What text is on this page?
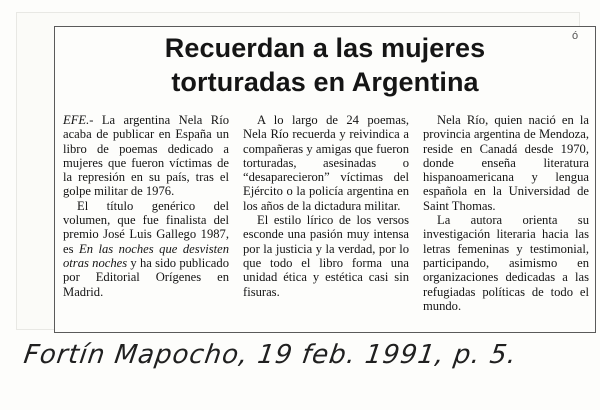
Recuerdan a las mujeres
torturadas en Argentina

EFE.- La argentina Nela Río acaba de publicar en España un libro de poemas dedicado a mujeres que fueron víctimas de la represión en su país, tras el golpe militar de 1976.

El título genérico del volumen, que fue finalista del premio José Luis Gallego 1987, es En las noches que desvisten otras noches y ha sido publicado por Editorial Orígenes en Madrid.

A lo largo de 24 poemas, Nela Río recuerda y reivindica a compañeras y amigas que fueron torturadas, asesinadas o “desaparecieron” víctimas del Ejército o la policía argentina en los años de la dictadura militar.

El estilo lírico de los versos esconde una pasión muy intensa por la justicia y la verdad, por lo que todo el libro forma una unidad ética y estética casi sin fisuras.

Nela Río, quien nació en la provincia argentina de Mendoza, reside en Canadá desde 1970, donde enseña literatura hispanoamericana y lengua española en la Universidad de Saint Thomas.

La autora orienta su investigación literaria hacia las letras femeninas y testimonial, participando, asimismo en organizaciones dedicadas a las refugiadas políticas de todo el mundo.

ó
Fortín Mapocho, 19 feb. 1991, p. 5.
